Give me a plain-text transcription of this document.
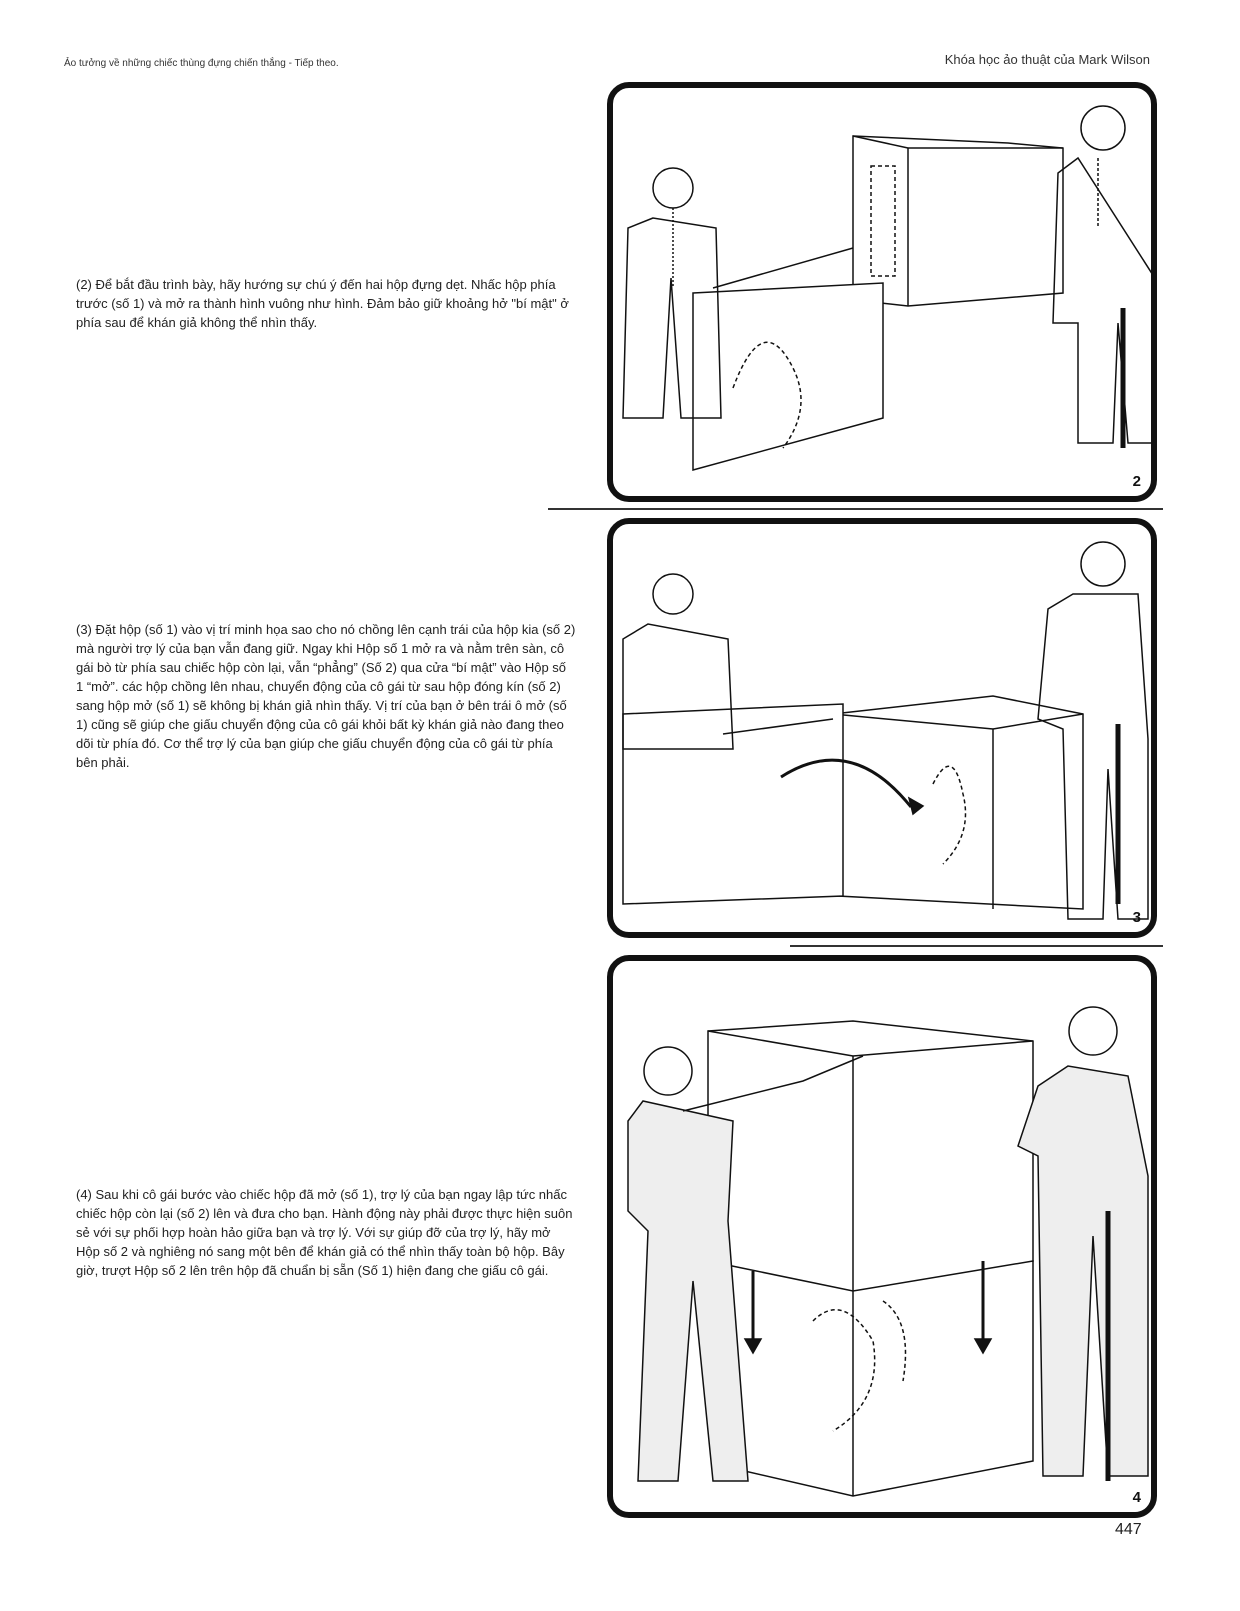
Ảo tưởng về những chiếc thùng đựng chiến thắng - Tiếp theo.	Khóa học ảo thuật của Mark Wilson
(2) Để bắt đầu trình bày, hãy hướng sự chú ý đến hai hộp đựng dẹt. Nhấc hộp phía trước (số 1) và mở ra thành hình vuông như hình. Đảm bảo giữ khoảng hở "bí mật" ở phía sau để khán giả không thể nhìn thấy.
2
(3) Đặt hộp (số 1) vào vị trí minh họa sao cho nó chồng lên cạnh trái của hộp kia (số 2) mà người trợ lý của bạn vẫn đang giữ. Ngay khi Hộp số 1 mở ra và nằm trên sàn, cô gái bò từ phía sau chiếc hộp còn lại, vẫn “phẳng” (Số 2) qua cửa “bí mật” vào Hộp số 1 “mở”. các hộp chồng lên nhau, chuyển động của cô gái từ sau hộp đóng kín (số 2) sang hộp mở (số 1) sẽ không bị khán giả nhìn thấy. Vị trí của bạn ở bên trái ô mở (số 1) cũng sẽ giúp che giấu chuyển động của cô gái khỏi bất kỳ khán giả nào đang theo dõi từ phía đó. Cơ thể trợ lý của bạn giúp che giấu chuyển động của cô gái từ phía bên phải.
3
(4) Sau khi cô gái bước vào chiếc hộp đã mở (số 1), trợ lý của bạn ngay lập tức nhấc chiếc hộp còn lại (số 2) lên và đưa cho bạn. Hành động này phải được thực hiện suôn sẻ với sự phối hợp hoàn hảo giữa bạn và trợ lý. Với sự giúp đỡ của trợ lý, hãy mở Hộp số 2 và nghiêng nó sang một bên để khán giả có thể nhìn thấy toàn bộ hộp. Bây giờ, trượt Hộp số 2 lên trên hộp đã chuẩn bị sẵn (Số 1) hiện đang che giấu cô gái.
4
447
